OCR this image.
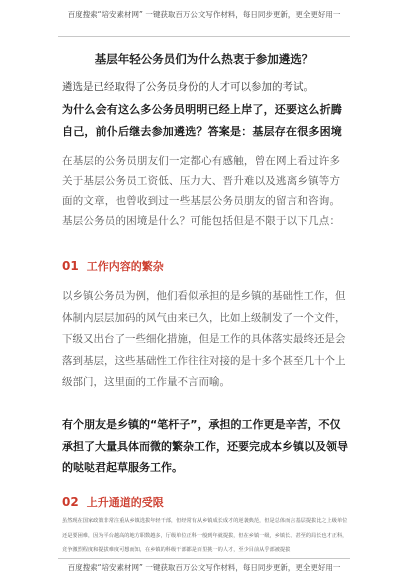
百度搜索“培安素材网” 一键获取百万公文写作材料，每日同步更新，更全更好用一
基层年轻公务员们为什么热衷于参加遴选？

遴选是已经取得了公务员身份的人才可以参加的考试。

为什么会有这么多公务员明明已经上岸了，还要这么折腾自己，前仆后继去参加遴选？答案是：基层存在很多困境

在基层的公务员朋友们一定都心有感触，曾在网上看过许多关于基层公务员工资低、压力大、晋升难以及逃离乡镇等方面的文章，也曾收到过一些基层公务员朋友的留言和咨询。基层公务员的困境是什么？可能包括但是不限于以下几点：

01 工作内容的繁杂

以乡镇公务员为例，他们看似承担的是乡镇的基础性工作，但体制内层层加码的风气由来已久，比如上级制发了一个文件，下级又出台了一些细化措施，但是工作的具体落实最终还是会落到基层，这些基础性工作往往对接的是十多个甚至几十个上级部门，这里面的工作量不言而喻。

有个朋友是乡镇的“笔杆子”，承担的工作更是辛苦，不仅承担了大量具体而微的繁杂工作，还要完成本乡镇以及领导的哒哒君起草服务工作。

02 上升通道的受限

虽然现在国家政策非常注重从乡镇选拔年轻干部，但经常有从乡镇成长成才的逆袭典范，但是总体而言基层提拔比之上级单位还是要困难，因为平台越高的地方职数越多，厅级单位正科一般到年就提拔，但在乡镇一级，乡镇长、甚至的局长也才正科，竞争激烈程度和提拔难度可想而知，在乡镇的科级干部都是百里挑一的人才，至少目前从乎部被提拔

百度搜索“培安素材网” 一键获取百万公文写作材料，每日同步更新，更全更好用一
